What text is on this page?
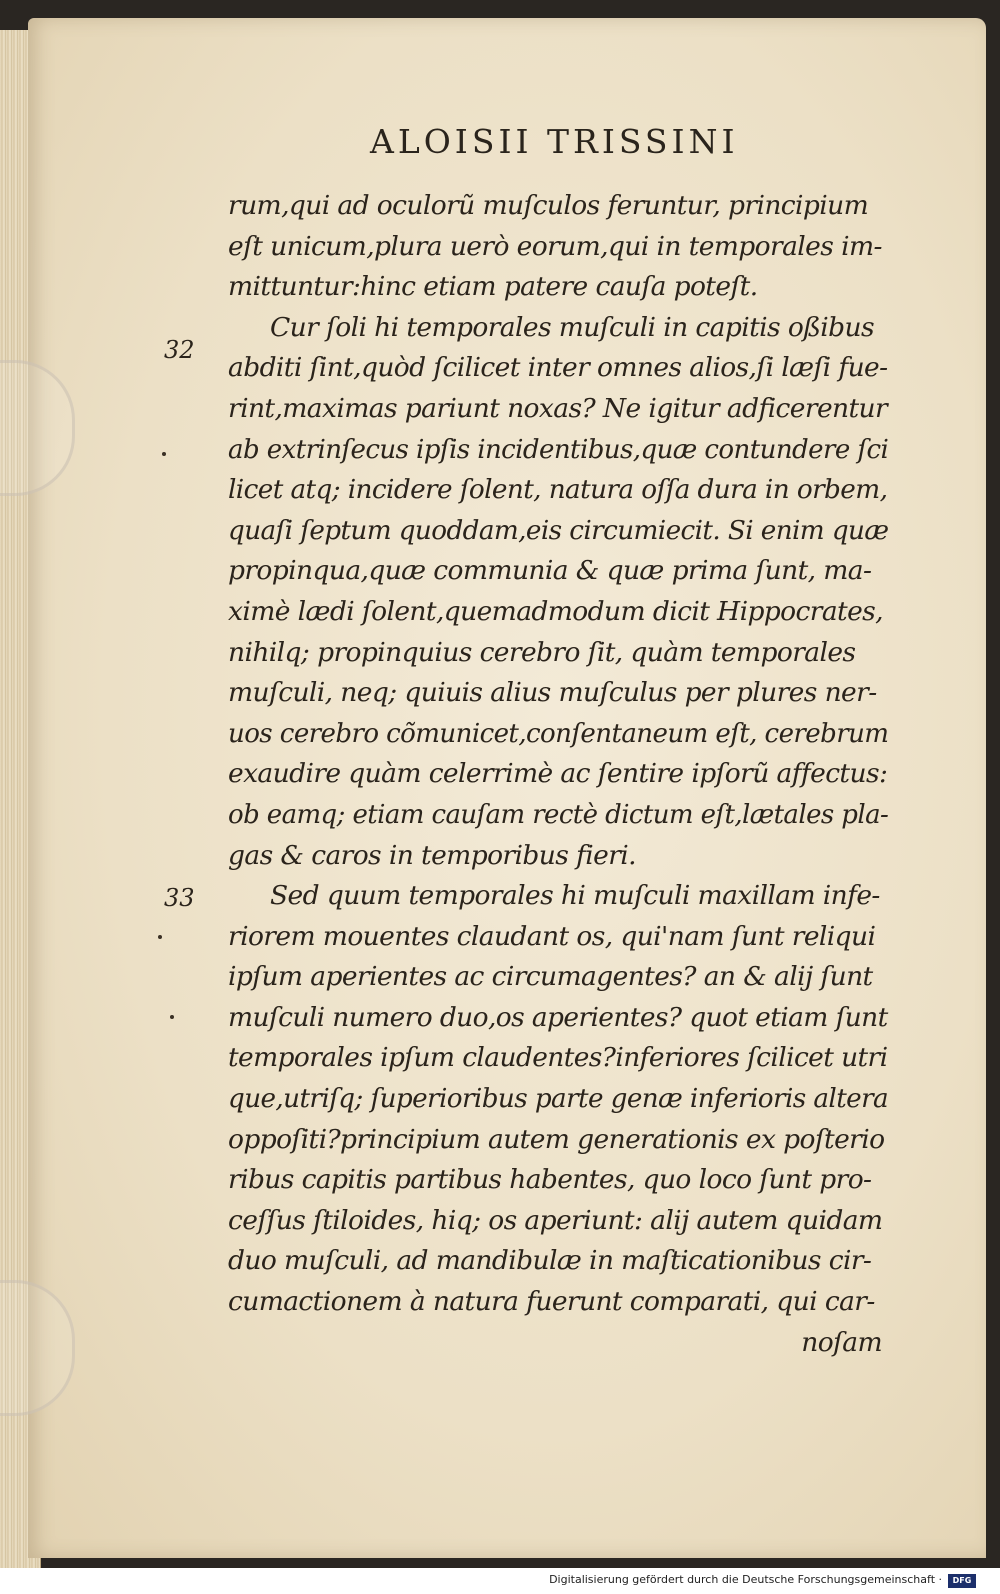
ALOISII TRISSINI
32
33
rum,qui ad oculorũ muſculos feruntur, principium
eſt unicum,plura uerò eorum,qui in temporales im-
mittuntur:hinc etiam patere cauſa poteſt.
Cur ſoli hi temporales muſculi in capitis oßibus
abditi ſint,quòd ſcilicet inter omnes alios,ſi læſi fue-
rint,maximas pariunt noxas? Ne igitur adficerentur
ab extrinſecus ipſis incidentibus,quæ contundere ſci
licet atq; incidere ſolent, natura oſſa dura in orbem,
quaſi ſeptum quoddam,eis circumiecit. Si enim quæ
propinqua,quæ communia & quæ prima ſunt, ma-
ximè lædi ſolent,quemadmodum dicit Hippocrates,
nihilq; propinquius cerebro ſit, quàm temporales
muſculi, neq; quiuis alius muſculus per plures ner-
uos cerebro cõmunicet,conſentaneum eſt, cerebrum
exaudire quàm celerrimè ac ſentire ipſorũ affectus:
ob eamq; etiam cauſam rectè dictum eſt,lætales pla-
gas & caros in temporibus fieri.
Sed quum temporales hi muſculi maxillam infe-
riorem mouentes claudant os, qui'nam ſunt reliqui
ipſum aperientes ac circumagentes? an & alij ſunt
muſculi numero duo,os aperientes? quot etiam ſunt
temporales ipſum claudentes?inferiores ſcilicet utri
que,utriſq; ſuperioribus parte genæ inferioris altera
oppoſiti?principium autem generationis ex poſterio
ribus capitis partibus habentes, quo loco ſunt pro-
ceſſus ſtiloides, hiq; os aperiunt: alij autem quidam
duo muſculi, ad mandibulæ in maſticationibus cir-
cumactionem à natura fuerunt comparati, qui car-
noſam
Digitalisierung gefördert durch die Deutsche Forschungsgemeinschaft ·	DFG
